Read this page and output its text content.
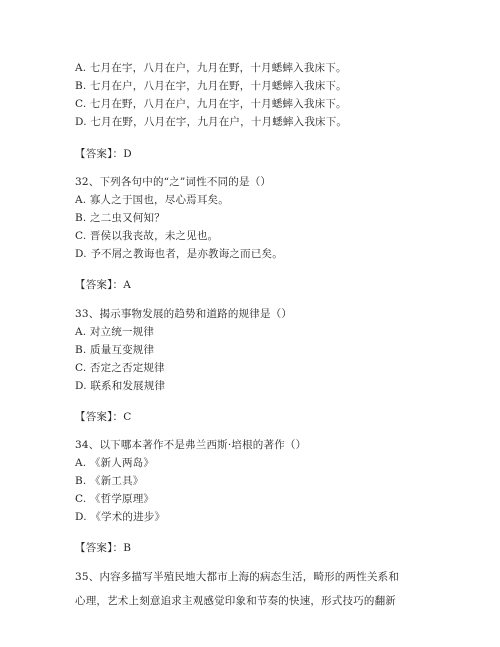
A. 七月在宇，八月在户，九月在野，十月蟋蟀入我床下。
B. 七月在户，八月在宇，九月在野，十月蟋蟀入我床下。
C. 七月在野，八月在户，九月在宇，十月蟋蟀入我床下。
D. 七月在野，八月在宇，九月在户，十月蟋蟀入我床下。
【答案】：D
32、下列各句中的“之”词性不同的是（）
A. 寡人之于国也，尽心焉耳矣。
B. 之二虫又何知？
C. 晋侯以我丧故，未之见也。
D. 予不屑之教诲也者，是亦教诲之而已矣。
【答案】：A
33、揭示事物发展的趋势和道路的规律是（）
A. 对立统一规律
B. 质量互变规律
C. 否定之否定规律
D. 联系和发展规律
【答案】：C
34、以下哪本著作不是弗兰西斯·培根的著作（）
A. 《新人两岛》
B. 《新工具》
C. 《哲学原理》
D. 《学术的进步》
【答案】：B
35、内容多描写半殖民地大都市上海的病态生活，畸形的两性关系和
心理，艺术上刻意追求主观感觉印象和节奏的快速，形式技巧的翻新
